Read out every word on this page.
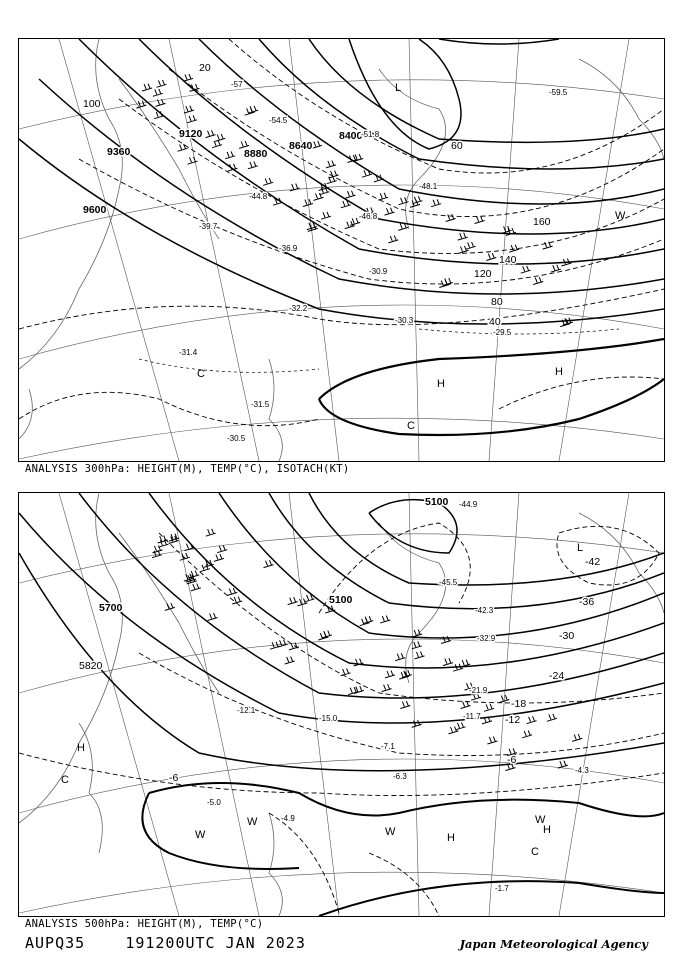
8400
8640
8880
9120
9360
9600
20
40
60
80
100
120
140
160
-59.5
-57
-54.5
-51.8
-48.1
-46.8
-44.8
-39.7
-36.9
-32.2
-30.9
-30.3
-31.4
-31.5
-30.5
-29.5
L
H
H
C
C
W
ANALYSIS 300hPa: HEIGHT(M), TEMP(°C), ISOTACH(KT)
5100
5100
5700
5820
-42
-36
-30
-24
-18
-12
-6
-6
-44.9
-45.5
-42.3
-32.9
-21.9
-11.7
-7.1
-6.3
-4.3
-5.0
-4.9
-1.7
-12.1
-15.0
L
H
H
H
C
C
W
W
W
W
ANALYSIS 500hPa: HEIGHT(M), TEMP(°C)
AUPQ35	191200UTC JAN 2023	Japan Meteorological Agency
